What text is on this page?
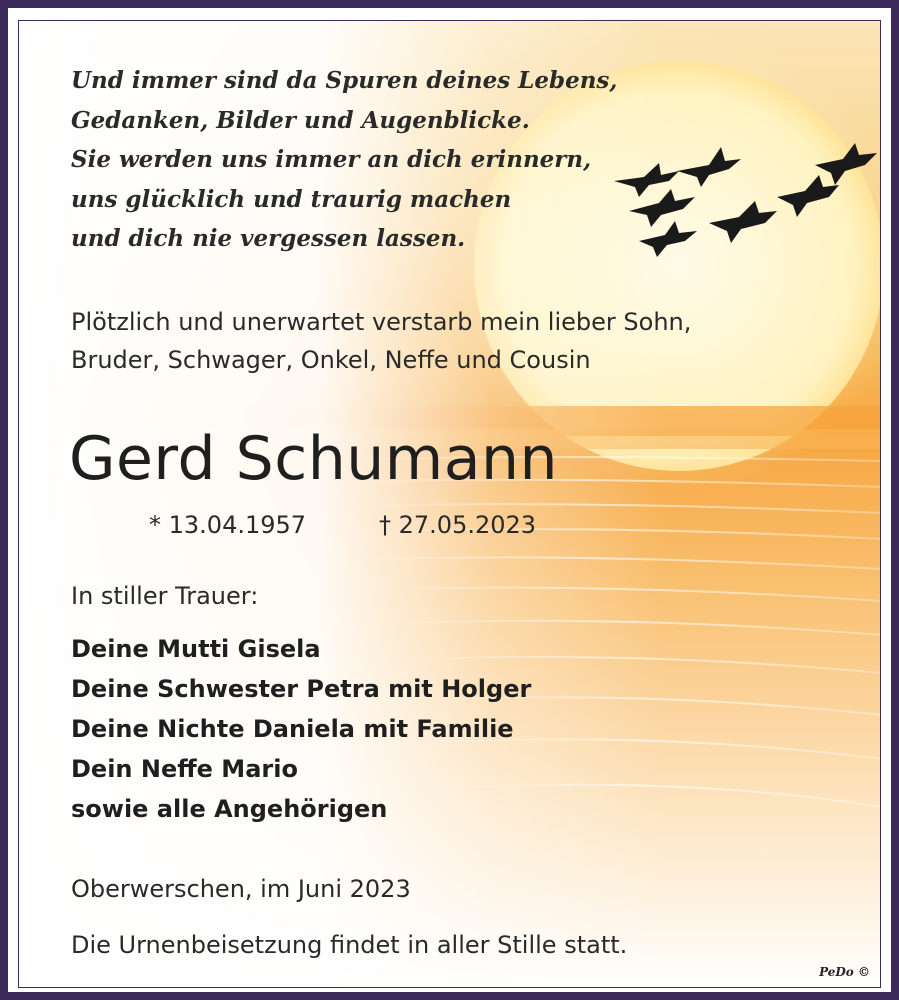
Und immer sind da Spuren deines Lebens,
Gedanken, Bilder und Augenblicke.
Sie werden uns immer an dich erinnern,
uns glücklich und traurig machen
und dich nie vergessen lassen.
Plötzlich und unerwartet verstarb mein lieber Sohn,
Bruder, Schwager, Onkel, Neffe und Cousin
Gerd Schumann
* 13.04.1957	† 27.05.2023
In stiller Trauer:
Deine Mutti Gisela
Deine Schwester Petra mit Holger
Deine Nichte Daniela mit Familie
Dein Neffe Mario
sowie alle Angehörigen
Oberwerschen, im Juni 2023
Die Urnenbeisetzung findet in aller Stille statt.
PeDo ©
